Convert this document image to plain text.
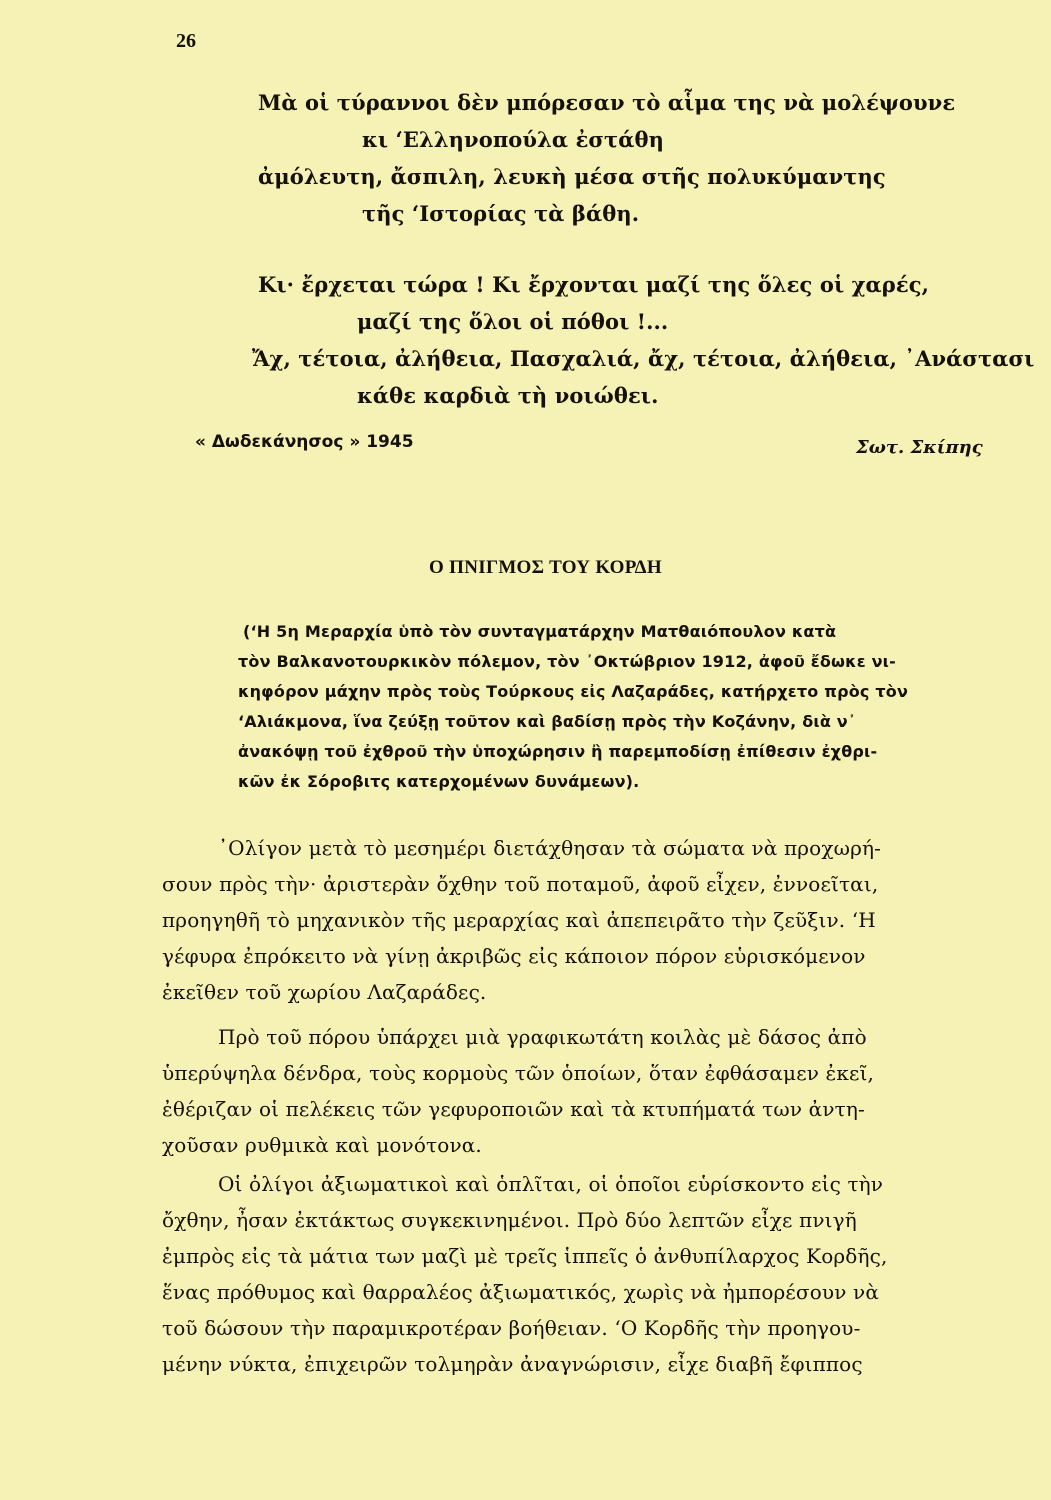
26
Μὰ οἱ τύραννοι δὲν μπόρεσαν τὸ αἷμα της νὰ μολέψουνε
κι ‘Ελληνοπούλα ἐστάθη
ἀμόλευτη, ἄσπιλη, λευκὴ μέσα στῆς πολυκύμαντης
τῆς ‘Ιστορίας τὰ βάθη.
Κι· ἔρχεται τώρα ! Κι ἔρχονται μαζί της ὅλες οἱ χαρές,
μαζί της ὅλοι οἱ πόθοι !...
Ἄχ, τέτοια, ἀλήθεια, Πασχαλιά, ἄχ, τέτοια, ἀλήθεια, ᾽Ανάστασι
κάθε καρδιὰ τὴ νοιώθει.
« Δωδεκάνησος » 1945	Σωτ. Σκίπης
Ο ΠΝΙΓΜΟΣ ΤΟΥ ΚΟΡΔΗ
(‘Η 5η Μεραρχία ὑπὸ τὸν συνταγματάρχην Ματθαιόπουλον κατὰ
τὸν Βαλκανοτουρκικὸν πόλεμον, τὸν ᾽Οκτώβριον 1912, ἀφοῦ ἔδωκε νι-
κηφόρον μάχην πρὸς τοὺς Τούρκους εἰς Λαζαράδες, κατήρχετο πρὸς τὸν
‘Αλιάκμονα, ἵνα ζεύξῃ τοῦτον καὶ βαδίσῃ πρὸς τὴν Κοζάνην, διὰ ν᾽
ἀνακόψῃ τοῦ ἐχθροῦ τὴν ὑποχώρησιν ἢ παρεμποδίσῃ ἐπίθεσιν ἐχθρι-
κῶν ἐκ Σόροβιτς κατερχομένων δυνάμεων).
᾽Ολίγον μετὰ τὸ μεσημέρι διετάχθησαν τὰ σώματα νὰ προχωρή-
σουν πρὸς τὴν· ἀριστερὰν ὄχθην τοῦ ποταμοῦ, ἀφοῦ εἶχεν, ἐννοεῖται,
προηγηθῆ τὸ μηχανικὸν τῆς μεραρχίας καὶ ἀπεπειρᾶτο τὴν ζεῦξιν. ‘Η
γέφυρα ἐπρόκειτο νὰ γίνῃ ἀκριβῶς εἰς κάποιον πόρον εὑρισκόμενον
ἐκεῖθεν τοῦ χωρίου Λαζαράδες.
Πρὸ τοῦ πόρου ὑπάρχει μιὰ γραφικωτάτη κοιλὰς μὲ δάσος ἀπὸ
ὑπερύψηλα δένδρα, τοὺς κορμοὺς τῶν ὁποίων, ὅταν ἐφθάσαμεν ἐκεῖ,
ἐθέριζαν οἱ πελέκεις τῶν γεφυροποιῶν καὶ τὰ κτυπήματά των ἀντη-
χοῦσαν ρυθμικὰ καὶ μονότονα.
Οἱ ὀλίγοι ἀξιωματικοὶ καὶ ὁπλῖται, οἱ ὁποῖοι εὑρίσκοντο εἰς τὴν
ὄχθην, ἦσαν ἐκτάκτως συγκεκινημένοι. Πρὸ δύο λεπτῶν εἶχε πνιγῆ
ἐμπρὸς εἰς τὰ μάτια των μαζὶ μὲ τρεῖς ἱππεῖς ὁ ἀνθυπίλαρχος Κορδῆς,
ἕνας πρόθυμος καὶ θαρραλέος ἀξιωματικός, χωρὶς νὰ ἠμπορέσουν νὰ
τοῦ δώσουν τὴν παραμικροτέραν βοήθειαν. ‘Ο Κορδῆς τὴν προηγου-
μένην νύκτα, ἐπιχειρῶν τολμηρὰν ἀναγνώρισιν, εἶχε διαβῆ ἔφιππος
